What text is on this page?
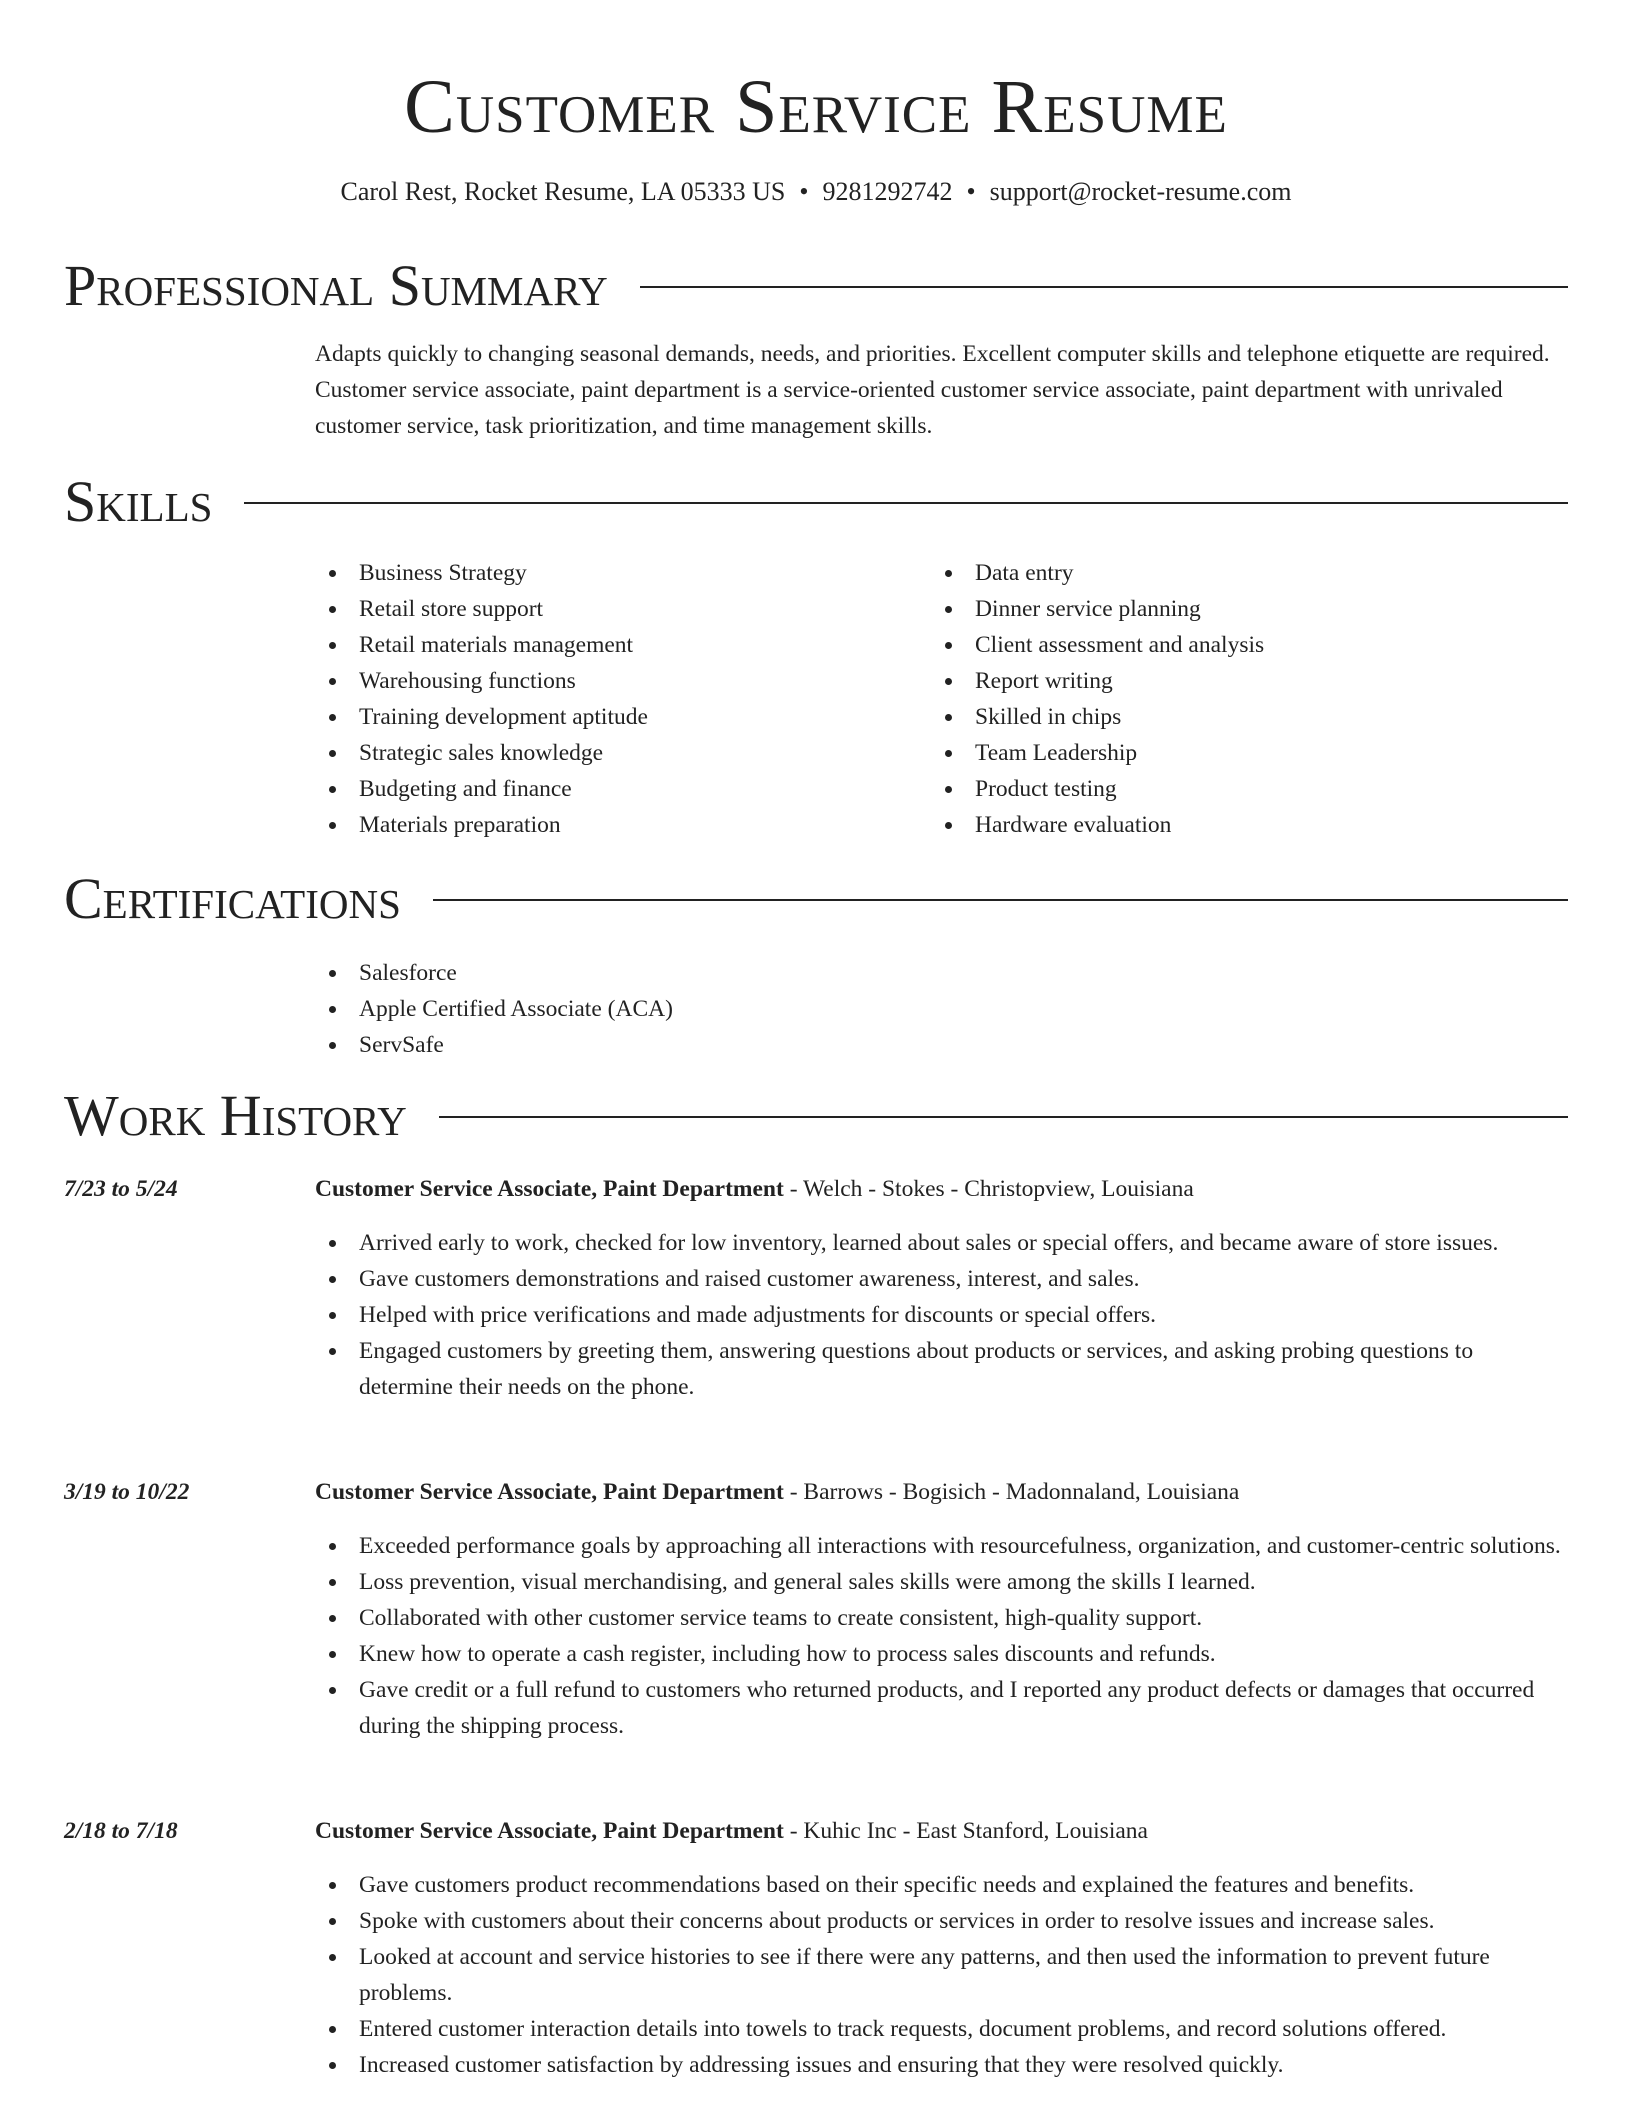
Customer Service Resume
Carol Rest, Rocket Resume, LA 05333 US • 9281292742 • support@rocket-resume.com
Professional Summary

Adapts quickly to changing seasonal demands, needs, and priorities. Excellent computer skills and telephone etiquette are required. Customer service associate, paint department is a service-oriented customer service associate, paint department with unrivaled customer service, task prioritization, and time management skills.

Skills
Business Strategy
Retail store support
Retail materials management
Warehousing functions
Training development aptitude
Strategic sales knowledge
Budgeting and finance
Materials preparation
Data entry
Dinner service planning
Client assessment and analysis
Report writing
Skilled in chips
Team Leadership
Product testing
Hardware evaluation
Certifications
Salesforce
Apple Certified Associate (ACA)
ServSafe
Work History
7/23 to 5/24	Customer Service Associate, Paint Department - Welch - Stokes - Christopview, Louisiana
Arrived early to work, checked for low inventory, learned about sales or special offers, and became aware of store issues.
Gave customers demonstrations and raised customer awareness, interest, and sales.
Helped with price verifications and made adjustments for discounts or special offers.
Engaged customers by greeting them, answering questions about products or services, and asking probing questions to determine their needs on the phone.
3/19 to 10/22	Customer Service Associate, Paint Department - Barrows - Bogisich - Madonnaland, Louisiana
Exceeded performance goals by approaching all interactions with resourcefulness, organization, and customer-centric solutions.
Loss prevention, visual merchandising, and general sales skills were among the skills I learned.
Collaborated with other customer service teams to create consistent, high-quality support.
Knew how to operate a cash register, including how to process sales discounts and refunds.
Gave credit or a full refund to customers who returned products, and I reported any product defects or damages that occurred during the shipping process.
2/18 to 7/18	Customer Service Associate, Paint Department - Kuhic Inc - East Stanford, Louisiana
Gave customers product recommendations based on their specific needs and explained the features and benefits.
Spoke with customers about their concerns about products or services in order to resolve issues and increase sales.
Looked at account and service histories to see if there were any patterns, and then used the information to prevent future problems.
Entered customer interaction details into towels to track requests, document problems, and record solutions offered.
Increased customer satisfaction by addressing issues and ensuring that they were resolved quickly.
